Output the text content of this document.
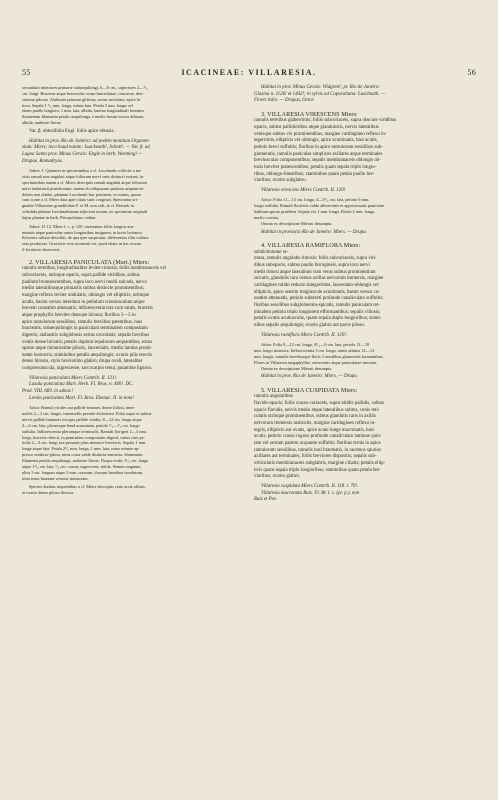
55	ICACINEAE: VILLARESIA.	56
secundarii inferiores primarie subaequilongi, 6—8 cm., superiores 2—¹/₃
cm. longi. Bracteae atque bracteolae ovato-lanceolatae, concavae, den-
sissime pilosae. Alabastra primum globosa, serius urceolata, apice la-
tiora. Sepala 1 ¹/₂ mm. longa, minus lata. Petala 5 mm. longa vel
etiam paullo longiora, 1 mm. lata, albida, lamina longitudinali brunnea.
Stamenum filamenta petalis aequilonga, e medio basim versus dilatata,
albida; antherae flavae.
Var. β. obtusifolia Engl. foliis apice obtusis.
Habitat in prov. Rio de Janeiro: ad podem montium Organen-
sium: Miers; loco haud notato: Lusckwath!, Schott!. — Var. β. ad
Lagoa Santa prov. Minas Gerais: Engle in herb. Warming! —
Drupae, Ramadryas.
Adnot. I. Quamvis in speciminibus a cl. Luschnath collectis a me
visis ramuli non angulati atque foliorum nervi satis distincti exstant, in
speciminibus autem a cl. Miers descriptis ramuli angulati atque foliorum
nervi indistincti praedicantur, tamen ob reliquarum partium aequam in-
dolem non dubito, plantam Luschnatii huc pertinere, eo minus, quum
cum icone a cl. Miers data apte citata satis congruat. Specimina ori-
ginalia Villaresiae grandifoliae F. et M. non vidi, at cl. Reissek in
schedula plantae Luschnathianae adjecerat notam, ex specimine originali
hujus plantae in herb. Petropolitano viditur.
Adnot. II. Cl. Miers l. c. p. 120. varietatem foliis longius acu-
minatis atque paniculae ramis longioribus insignem, in horto botanico
Kewensi cultam describit, de qua ipse suspicatur, differentias illas cultura
esse productas. Gravioris vero momenti est, quod etiam in hac evasta
2-locularia observavit.
2. VILLARESIA PANICULATA (Mart.) Miers:
ramulis teretibus, longitudinaliter leviter rimosis; foliis membranaceis vel
subcoriaceis, utrinque opacis, supra pallide viridibus, subtus
paullum brunnescentibus, supra loco nervi medii sulcatis, nervo
medio lateralibusque primariis subtus distincte prominentibus;
margine reflexo leviter undulatis, oblongis vel ellipticis, utrinque
acutis, basim versus interdum in petiolum crassiusculum atque
brevem cuneatim attenuatis; inflorescentia tota cum ramis, bracteis
atque prophyllis breviter densque hirsuta; floribus 3—5 in
apice ramulorum sessilibus, ramulis brevibus patentibus, basi
bracteatis, subaequilongis in paniculam terminalem compositam
digestis; alabastris subglobosis serius urceolatis; sepalis brevibus
ovatis dense hirsutis; petalis duplum sepalorum aequantibus, extus
sparse atque minutissime pilosis, lanceolatis, medio lamina promi-
nente instructis; staminibus petalis aequilongis; ovario pilis erectis
denso hirsuto, stylo brevissimo glabro; drupa ovali, lateraliter
compressiuscula, nigrescente, sarcocarpio tenui, putamine lignoso.
Villaresia paniculata Miers Contrib. II. 121!.
Laxula paniculata Mart. Herb. Fl. Bras. n. 460!. DC.
Prod. VIII. 669. in adnot.!
Lerola paniculata Mart. Fl. Bras. Ebenac. II. in nota!
Arbor. Ramuli virides aut pallide brunnei, dense foliosi, inter-
nodiis 2—3 cm. longis, internodiis pseudo-dichotomi. Folia supra et subtus
nervis pallide brunneis excepta pallide viridia, 8—12 cm. longa atque
3—6 cm. lata, plerumque haud acuminata, petiolo ¹/₂—²/₃ cm. longo
suffulta. Inflorescentia plerumque terminalis. Ramuli florigeri 2—3 mm.
longi, bracteis obtecti, in paniculam compositam digesti, rarius cum pe-
tiolis 2—3 cm. longi axe primario plus minusve brevioris. Sepala 1 mm.
longa atque lata. Petala 2¹/₂ mm. longa, 1 mm. lata, extus minute ap-
presso setuloso-pilosa, intus costa valde distincta instructa. Stamenum
filamenta petalis aequilonga, antherae flavae. Drupa ovalis 1¹/₂ cm. longa
atque 1¹/₂ cm. lata, ¹/₂ cm. crassa, nigrescens, nitida. Semen magnum,
ultra 1 cm. longum atque 2 mm. crassum, dorsum lateribus involutum,
testa tenui brunnea venosis instructam.
Species duobus sequentibus a cl. Miers descriptis certe arcte affinis,
at ovario dense piloso diversa.
Habitat in prov. Minas Gerais: Widgren!; pr. Rio de Janeiro:
Glaziou n. 1126! et 1442!; in sylvis ad Copacabana: Luschnath. —
Floret Julio. — Drupas, Octor.
3. VILLARESIA VIRESCENS Miers:
ramulis teretibus glaberrimis; foliis subcoriaceis, supra obscure viridibus
opacis, subtus pallidioribus atque glandulosis, nervis lateralibus
venisque subtus vix prominentibus, margine cartilagineo reflexo in-
tegerrimis, ellipticis vel oblongis, apice acuminatis, basi acutis,
petiolo brevi suffultis; floribus in apice ramulorum sessilibus sub-
glomeratis, ramulis paniculas simplices axillares atque terminales
breviusculas componentibus; sepalis membranaceis oblongis ob-
tusis breviter pubescentibus; petalis quam sepala triplo longio-
ribus, oblongo-linearibus; staminibus quam petala paullo bre-
vioribus; ovario subglabro.
Villaresia virescens Miers Contrib. II. 120!.
Arbor. Folia 11—13 cm. longa, 4—5¹/₂ cm. lata, petiolo 6 mm.
longo suffulta. Ramuli floriferis valde abbreviatis et approximatis paniculae
habitum apicae praebent. Sepala vix 1 mm. longa. Petala 2 mm. longa,
medio costata.
Omnia ex descriptione Mieraii desumpta.
Habitat in provincia Rio de Janeiro: Miers. — Drupa.
4. VILLARESIA RAMIFLORA Miers:
subdichotome ra-
mosa, ramulis angulatis rimosis; foliis subcoriaceis, supra viri-
dibus subopacis, subtus paullo ferrugineis, supra loco nervi
medii rimosi atque lateralium cum venis subtus prominentium
sulcatis, glandulis rara versus axillas nervorum immersis, margine
cartilagineo nitido reducto integerrimis, lanceolato-oblongis vel
ellipticis, apice sensim longiuscule acuminatis, basim versus cu-
neatim attenuatis, petiolo subtereti profunde canaliculato suffultis;
floribus sessilibus subglomerato-spicatis, ramulis paniculam ter-
minalem petiolo triplo longiorem efformantibus; sepalis villosis;
petalis ovatis acutiusculis, quam sepala duplo longioribus; stami-
nibus sepalis aequilongis; ovario glabro aut parce piloso.
Villaresia ramiflora Miers Contrib. II. 120!.
Arbor. Folia 9—12 cm. longa, 4¹/₂—6 cm. lata, petiolo 11—18
mm. longo instructa. Inflorescentia 3 cm. longa, ramis ultimis 12—14
mm. longis, ramulis brevibusque floris 3 sessilibus glomeratis formantibus.
Flores in Villaresia megaphyllae, virescentis atque paniculatae simones.
Omnia ex descriptione Mieraii desumpta.
Habitat in prov. Rio de Janeiro: Miers. — Drupa.
5. VILLARESIA CUSPIDATA Miers:
ramulis angularibus
flavido-opacis; foliis crasso-coriaceis, supra nitidis pallidis, subtus
opacis flavidis, nervis medio atque lateralibus subtus, venis reti-
culatis utrinque prominentibus, subtus glandulis raris in axillis
nervorum immersis instructis, margine cartilagineo reflexo in-
tegris, ellipticis aut ovatis, apice acute longe mucronatis, basi
acutis, petiolo crasso rugoso profunde canaliculato laminae quin-
tam vel sextam partem acquante suffultis; floribus ternis in apice
ramulorum sessilibus, ramulis basi bracteatis, in racemos spurios
axillares aut terminales, foliis breviores dispositis; sepalis sub-
orbicularis membranaceis subglabris, margine ciliatis; petalis ellip-
ticis quam sepala triplo longioribus; staminibus quam petala bre-
vioribus; ovario glabro.
Villaresia cuspidata Miers Contrib. II. 118. t. 70!.
Villaresia mucronata Ruiz. Fl. Br. l. c. (pr. p.), non
Ruiz et Pav.
